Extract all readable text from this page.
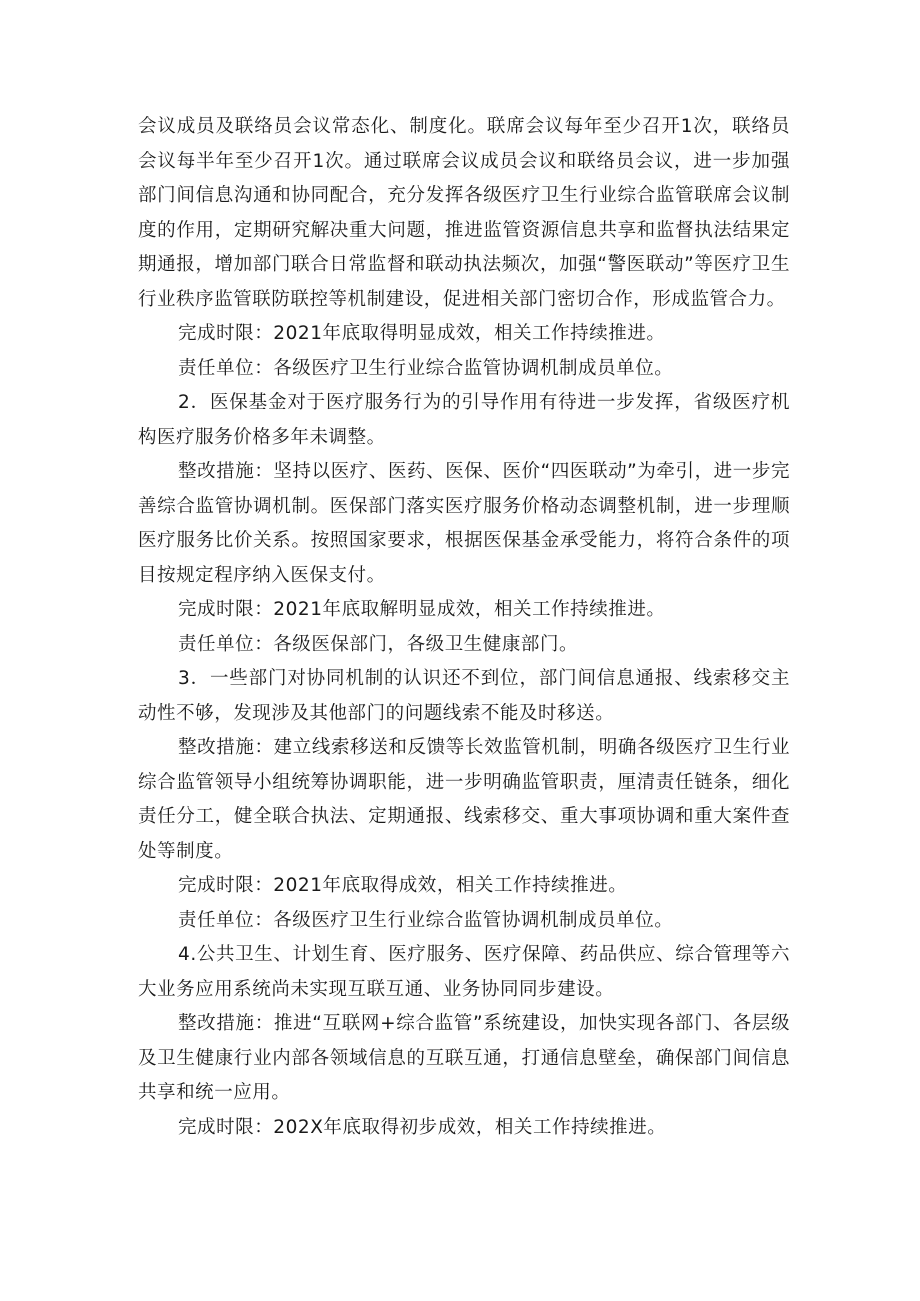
会议成员及联络员会议常态化、制度化。联席会议每年至少召开1次，联络员会议每半年至少召开1次。通过联席会议成员会议和联络员会议，进一步加强部门间信息沟通和协同配合，充分发挥各级医疗卫生行业综合监管联席会议制度的作用，定期研究解决重大问题，推进监管资源信息共享和监督执法结果定期通报，增加部门联合日常监督和联动执法频次，加强“警医联动”等医疗卫生行业秩序监管联防联控等机制建设，促进相关部门密切合作，形成监管合力。

完成时限：2021年底取得明显成效，相关工作持续推进。

责任单位：各级医疗卫生行业综合监管协调机制成员单位。

2．医保基金对于医疗服务行为的引导作用有待进一步发挥，省级医疗机构医疗服务价格多年未调整。

整改措施：坚持以医疗、医药、医保、医价“四医联动”为牵引，进一步完善综合监管协调机制。医保部门落实医疗服务价格动态调整机制，进一步理顺医疗服务比价关系。按照国家要求，根据医保基金承受能力，将符合条件的项目按规定程序纳入医保支付。

完成时限：2021年底取解明显成效，相关工作持续推进。

责任单位：各级医保部门，各级卫生健康部门。

3．一些部门对协同机制的认识还不到位，部门间信息通报、线索移交主动性不够，发现涉及其他部门的问题线索不能及时移送。

整改措施：建立线索移送和反馈等长效监管机制，明确各级医疗卫生行业综合监管领导小组统筹协调职能，进一步明确监管职责，厘清责任链条，细化责任分工，健全联合执法、定期通报、线索移交、重大事项协调和重大案件查处等制度。

完成时限：2021年底取得成效，相关工作持续推进。

责任单位：各级医疗卫生行业综合监管协调机制成员单位。

4.公共卫生、计划生育、医疗服务、医疗保障、药品供应、综合管理等六大业务应用系统尚未实现互联互通、业务协同同步建设。

整改措施：推进“互联网+综合监管”系统建设，加快实现各部门、各层级及卫生健康行业内部各领域信息的互联互通，打通信息壁垒，确保部门间信息共享和统一应用。

完成时限：202X年底取得初步成效，相关工作持续推进。
